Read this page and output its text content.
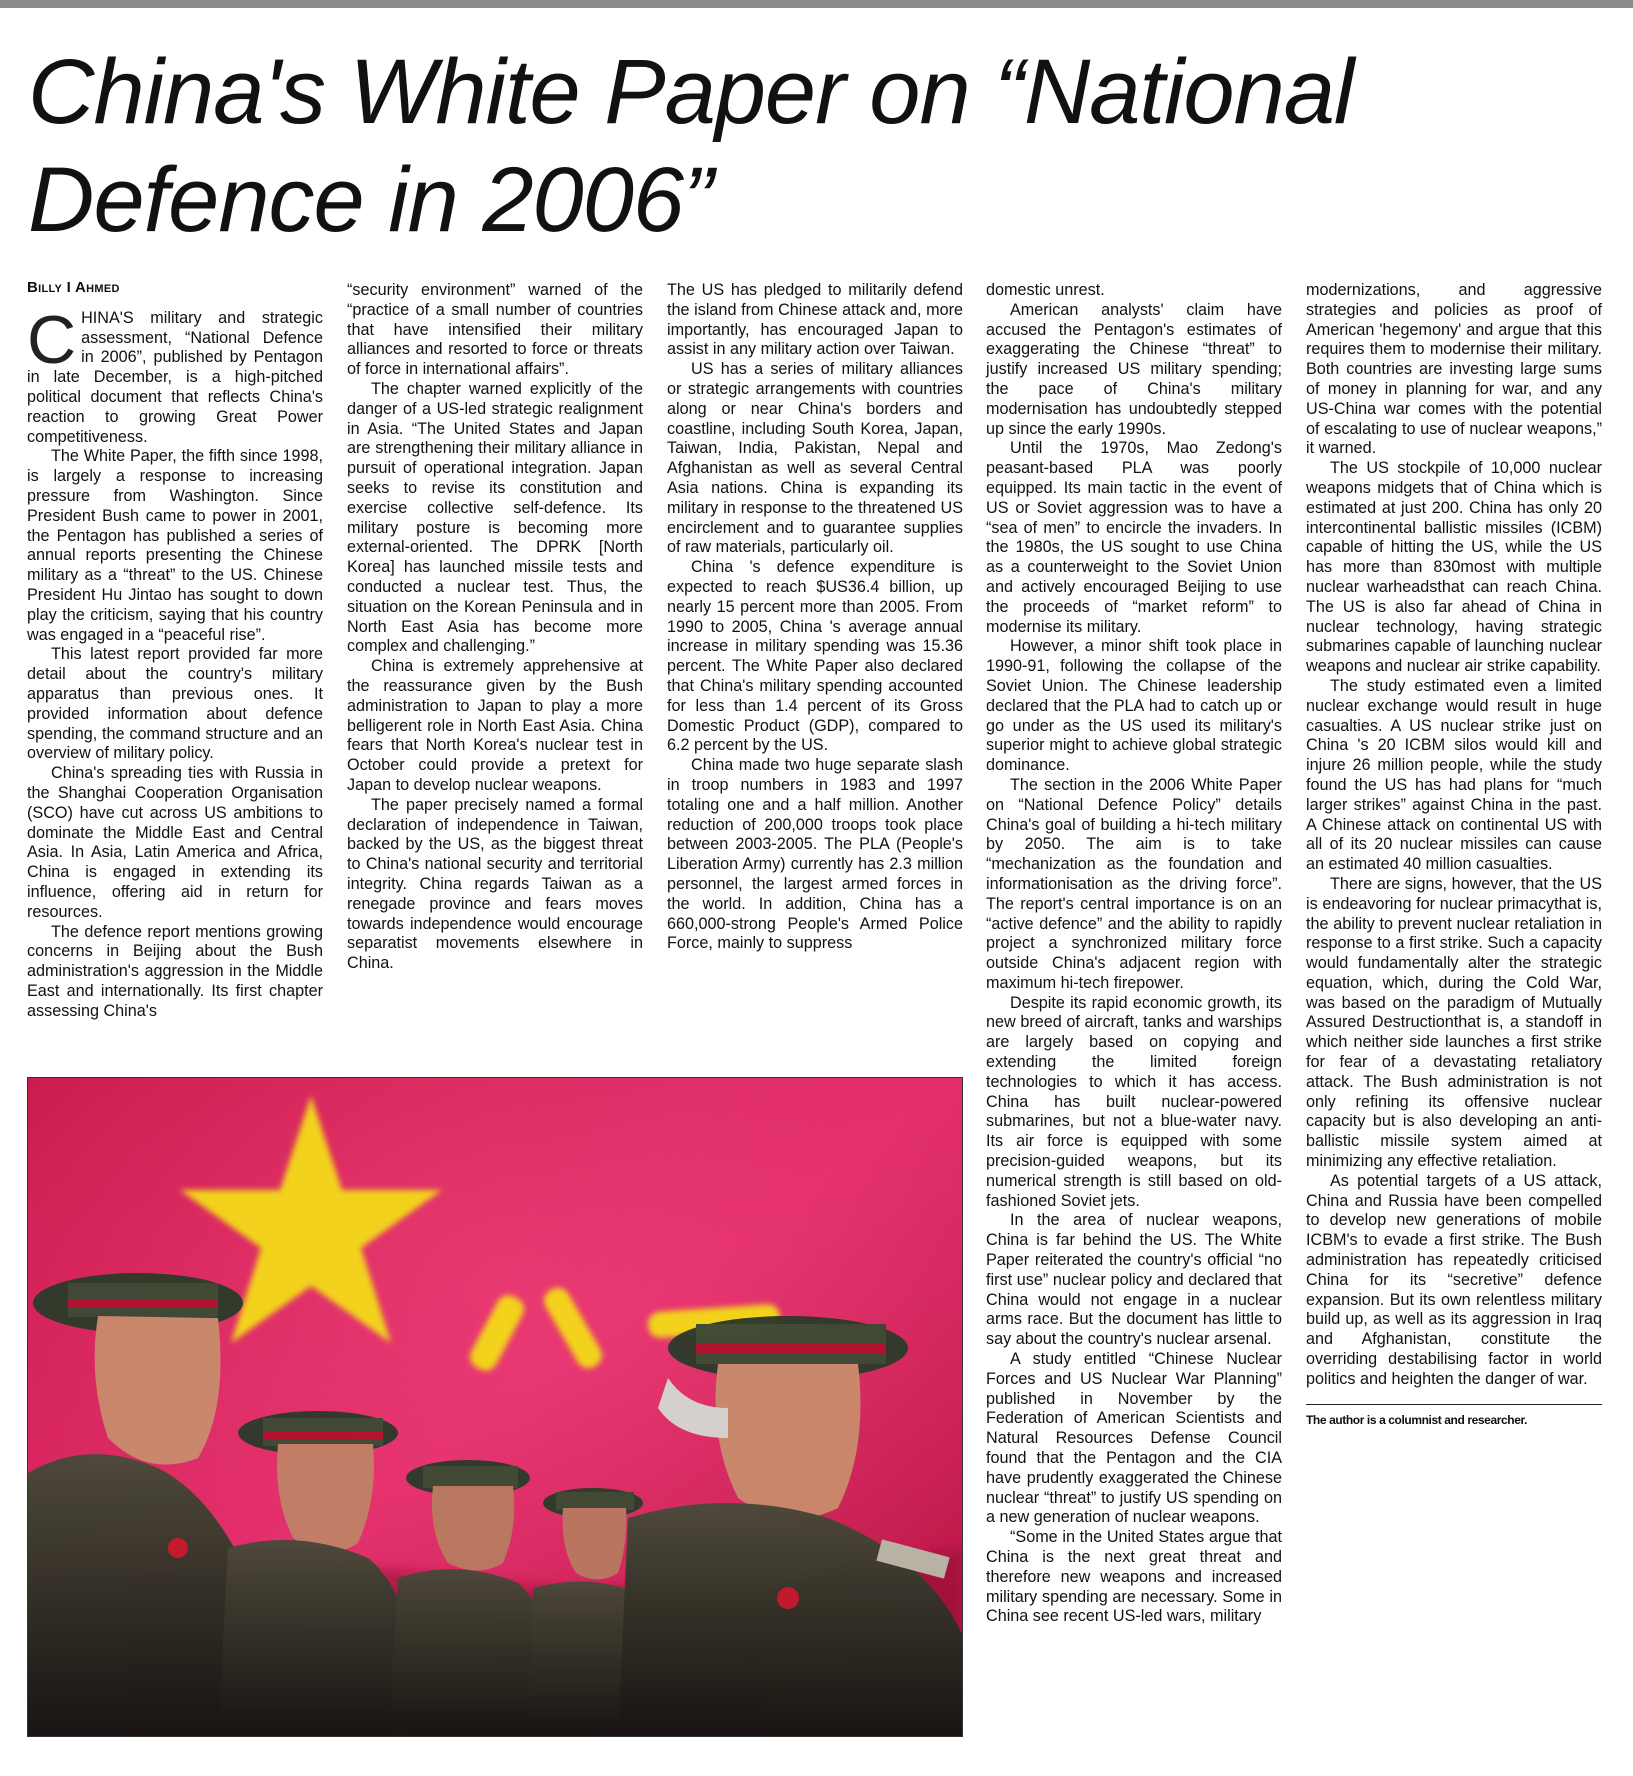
China's White Paper on “National Defence in 2006”
Billy I Ahmed

CHINA'S military and strategic assessment, “National Defence in 2006”, published by Pentagon in late December, is a high-pitched political document that reflects China's reaction to growing Great Power competitiveness.

The White Paper, the fifth since 1998, is largely a response to increasing pressure from Washington. Since President Bush came to power in 2001, the Pentagon has published a series of annual reports presenting the Chinese military as a “threat” to the US. Chinese President Hu Jintao has sought to down play the criticism, saying that his country was engaged in a “peaceful rise”.

This latest report provided far more detail about the country's military apparatus than previous ones. It provided information about defence spending, the command structure and an overview of military policy.

China's spreading ties with Russia in the Shanghai Cooperation Organisation (SCO) have cut across US ambitions to dominate the Middle East and Central Asia. In Asia, Latin America and Africa, China is engaged in extending its influence, offering aid in return for resources.

The defence report mentions growing concerns in Beijing about the Bush administration's aggression in the Middle East and internationally. Its first chapter assessing China's

“security environment” warned of the “practice of a small number of countries that have intensified their military alliances and resorted to force or threats of force in international affairs”.

The chapter warned explicitly of the danger of a US-led strategic realignment in Asia. “The United States and Japan are strengthening their military alliance in pursuit of operational integration. Japan seeks to revise its constitution and exercise collective self-defence. Its military posture is becoming more external-oriented. The DPRK [North Korea] has launched missile tests and conducted a nuclear test. Thus, the situation on the Korean Peninsula and in North East Asia has become more complex and challenging.”

China is extremely apprehensive at the reassurance given by the Bush administration to Japan to play a more belligerent role in North East Asia. China fears that North Korea's nuclear test in October could provide a pretext for Japan to develop nuclear weapons.

The paper precisely named a formal declaration of independence in Taiwan, backed by the US, as the biggest threat to China's national security and territorial integrity. China regards Taiwan as a renegade province and fears moves towards independence would encourage separatist movements elsewhere in China.

The US has pledged to militarily defend the island from Chinese attack and, more importantly, has encouraged Japan to assist in any military action over Taiwan.

US has a series of military alliances or strategic arrangements with countries along or near China's borders and coastline, including South Korea, Japan, Taiwan, India, Pakistan, Nepal and Afghanistan as well as several Central Asia nations. China is expanding its military in response to the threatened US encirclement and to guarantee supplies of raw materials, particularly oil.

China 's defence expenditure is expected to reach $US36.4 billion, up nearly 15 percent more than 2005. From 1990 to 2005, China 's average annual increase in military spending was 15.36 percent. The White Paper also declared that China's military spending accounted for less than 1.4 percent of its Gross Domestic Product (GDP), compared to 6.2 percent by the US.

China made two huge separate slash in troop numbers in 1983 and 1997 totaling one and a half million. Another reduction of 200,000 troops took place between 2003-2005. The PLA (People's Liberation Army) currently has 2.3 million personnel, the largest armed forces in the world. In addition, China has a 660,000-strong People's Armed Police Force, mainly to suppress

domestic unrest.

American analysts' claim have accused the Pentagon's estimates of exaggerating the Chinese “threat” to justify increased US military spending; the pace of China's military modernisation has undoubtedly stepped up since the early 1990s.

Until the 1970s, Mao Zedong's peasant-based PLA was poorly equipped. Its main tactic in the event of US or Soviet aggression was to have a “sea of men” to encircle the invaders. In the 1980s, the US sought to use China as a counterweight to the Soviet Union and actively encouraged Beijing to use the proceeds of “market reform” to modernise its military.

However, a minor shift took place in 1990-91, following the collapse of the Soviet Union. The Chinese leadership declared that the PLA had to catch up or go under as the US used its military's superior might to achieve global strategic dominance.

The section in the 2006 White Paper on “National Defence Policy” details China's goal of building a hi-tech military by 2050. The aim is to take “mechanization as the foundation and informationisation as the driving force”. The report's central importance is on an “active defence” and the ability to rapidly project a synchronized military force outside China's adjacent region with maximum hi-tech firepower.

Despite its rapid economic growth, its new breed of aircraft, tanks and warships are largely based on copying and extending the limited foreign technologies to which it has access. China has built nuclear-powered submarines, but not a blue-water navy. Its air force is equipped with some precision-guided weapons, but its numerical strength is still based on old-fashioned Soviet jets.

In the area of nuclear weapons, China is far behind the US. The White Paper reiterated the country's official “no first use” nuclear policy and declared that China would not engage in a nuclear arms race. But the document has little to say about the country's nuclear arsenal.

A study entitled “Chinese Nuclear Forces and US Nuclear War Planning” published in November by the Federation of American Scientists and Natural Resources Defense Council found that the Pentagon and the CIA have prudently exaggerated the Chinese nuclear “threat” to justify US spending on a new generation of nuclear weapons.

“Some in the United States argue that China is the next great threat and therefore new weapons and increased military spending are necessary. Some in China see recent US-led wars, military

modernizations, and aggressive strategies and policies as proof of American 'hegemony' and argue that this requires them to modernise their military. Both countries are investing large sums of money in planning for war, and any US-China war comes with the potential of escalating to use of nuclear weapons,” it warned.

The US stockpile of 10,000 nuclear weapons midgets that of China which is estimated at just 200. China has only 20 intercontinental ballistic missiles (ICBM) capable of hitting the US, while the US has more than 830most with multiple nuclear warheadsthat can reach China. The US is also far ahead of China in nuclear technology, having strategic submarines capable of launching nuclear weapons and nuclear air strike capability.

The study estimated even a limited nuclear exchange would result in huge casualties. A US nuclear strike just on China 's 20 ICBM silos would kill and injure 26 million people, while the study found the US has had plans for “much larger strikes” against China in the past. A Chinese attack on continental US with all of its 20 nuclear missiles can cause an estimated 40 million casualties.

There are signs, however, that the US is endeavoring for nuclear primacythat is, the ability to prevent nuclear retaliation in response to a first strike. Such a capacity would fundamentally alter the strategic equation, which, during the Cold War, was based on the paradigm of Mutually Assured Destructionthat is, a standoff in which neither side launches a first strike for fear of a devastating retaliatory attack. The Bush administration is not only refining its offensive nuclear capacity but is also developing an anti-ballistic missile system aimed at minimizing any effective retaliation.

As potential targets of a US attack, China and Russia have been compelled to develop new generations of mobile ICBM's to evade a first strike. The Bush administration has repeatedly criticised China for its “secretive” defence expansion. But its own relentless military build up, as well as its aggression in Iraq and Afghanistan, constitute the overriding destabilising factor in world politics and heighten the danger of war.

The author is a columnist and researcher.
